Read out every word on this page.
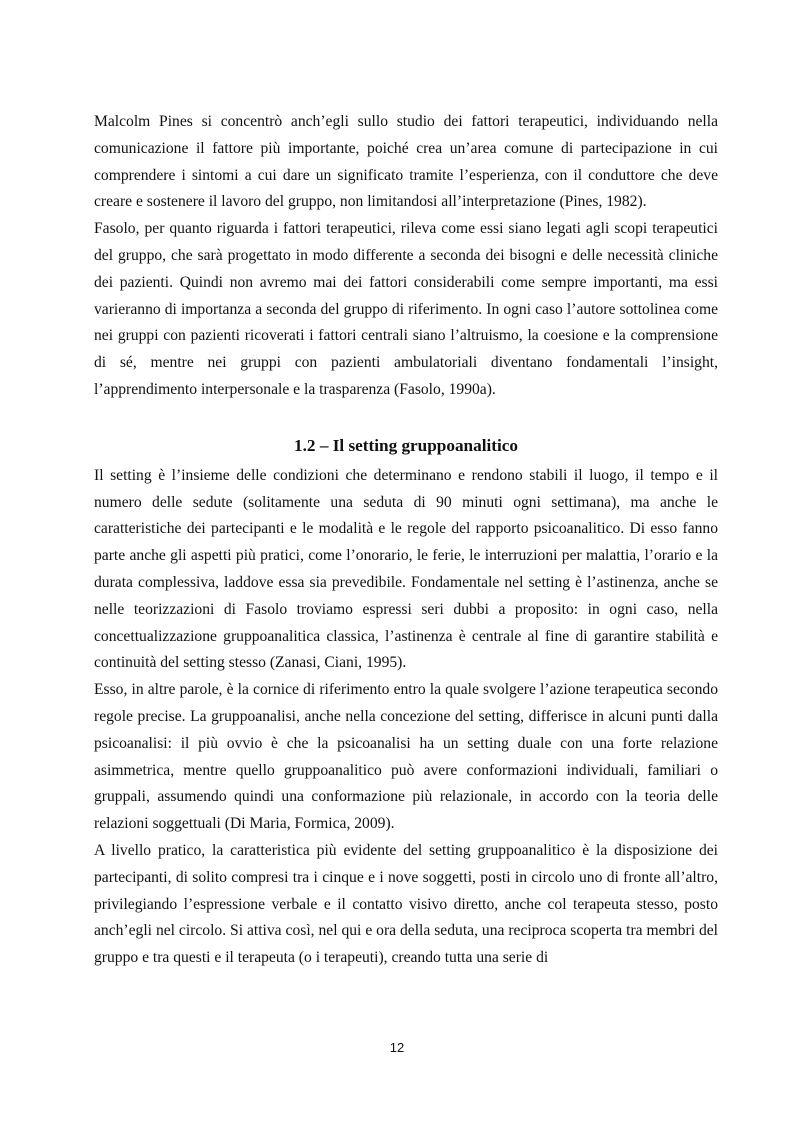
Malcolm Pines si concentrò anch’egli sullo studio dei fattori terapeutici, individuando nella comunicazione il fattore più importante, poiché crea un’area comune di partecipazione in cui comprendere i sintomi a cui dare un significato tramite l’esperienza, con il conduttore che deve creare e sostenere il lavoro del gruppo, non limitandosi all’interpretazione (Pines, 1982).

Fasolo, per quanto riguarda i fattori terapeutici, rileva come essi siano legati agli scopi terapeutici del gruppo, che sarà progettato in modo differente a seconda dei bisogni e delle necessità cliniche dei pazienti. Quindi non avremo mai dei fattori considerabili come sempre importanti, ma essi varieranno di importanza a seconda del gruppo di riferimento. In ogni caso l’autore sottolinea come nei gruppi con pazienti ricoverati i fattori centrali siano l’altruismo, la coesione e la comprensione di sé, mentre nei gruppi con pazienti ambulatoriali diventano fondamentali l’insight, l’apprendimento interpersonale e la trasparenza (Fasolo, 1990a).

1.2 – Il setting gruppoanalitico

Il setting è l’insieme delle condizioni che determinano e rendono stabili il luogo, il tempo e il numero delle sedute (solitamente una seduta di 90 minuti ogni settimana), ma anche le caratteristiche dei partecipanti e le modalità e le regole del rapporto psicoanalitico. Di esso fanno parte anche gli aspetti più pratici, come l’onorario, le ferie, le interruzioni per malattia, l’orario e la durata complessiva, laddove essa sia prevedibile. Fondamentale nel setting è l’astinenza, anche se nelle teorizzazioni di Fasolo troviamo espressi seri dubbi a proposito: in ogni caso, nella concettualizzazione gruppoanalitica classica, l’astinenza è centrale al fine di garantire stabilità e continuità del setting stesso (Zanasi, Ciani, 1995).

Esso, in altre parole, è la cornice di riferimento entro la quale svolgere l’azione terapeutica secondo regole precise. La gruppoanalisi, anche nella concezione del setting, differisce in alcuni punti dalla psicoanalisi: il più ovvio è che la psicoanalisi ha un setting duale con una forte relazione asimmetrica, mentre quello gruppoanalitico può avere conformazioni individuali, familiari o gruppali, assumendo quindi una conformazione più relazionale, in accordo con la teoria delle relazioni soggettuali (Di Maria, Formica, 2009).

A livello pratico, la caratteristica più evidente del setting gruppoanalitico è la disposizione dei partecipanti, di solito compresi tra i cinque e i nove soggetti, posti in circolo uno di fronte all’altro, privilegiando l’espressione verbale e il contatto visivo diretto, anche col terapeuta stesso, posto anch’egli nel circolo. Si attiva così, nel qui e ora della seduta, una reciproca scoperta tra membri del gruppo e tra questi e il terapeuta (o i terapeuti), creando tutta una serie di

12
